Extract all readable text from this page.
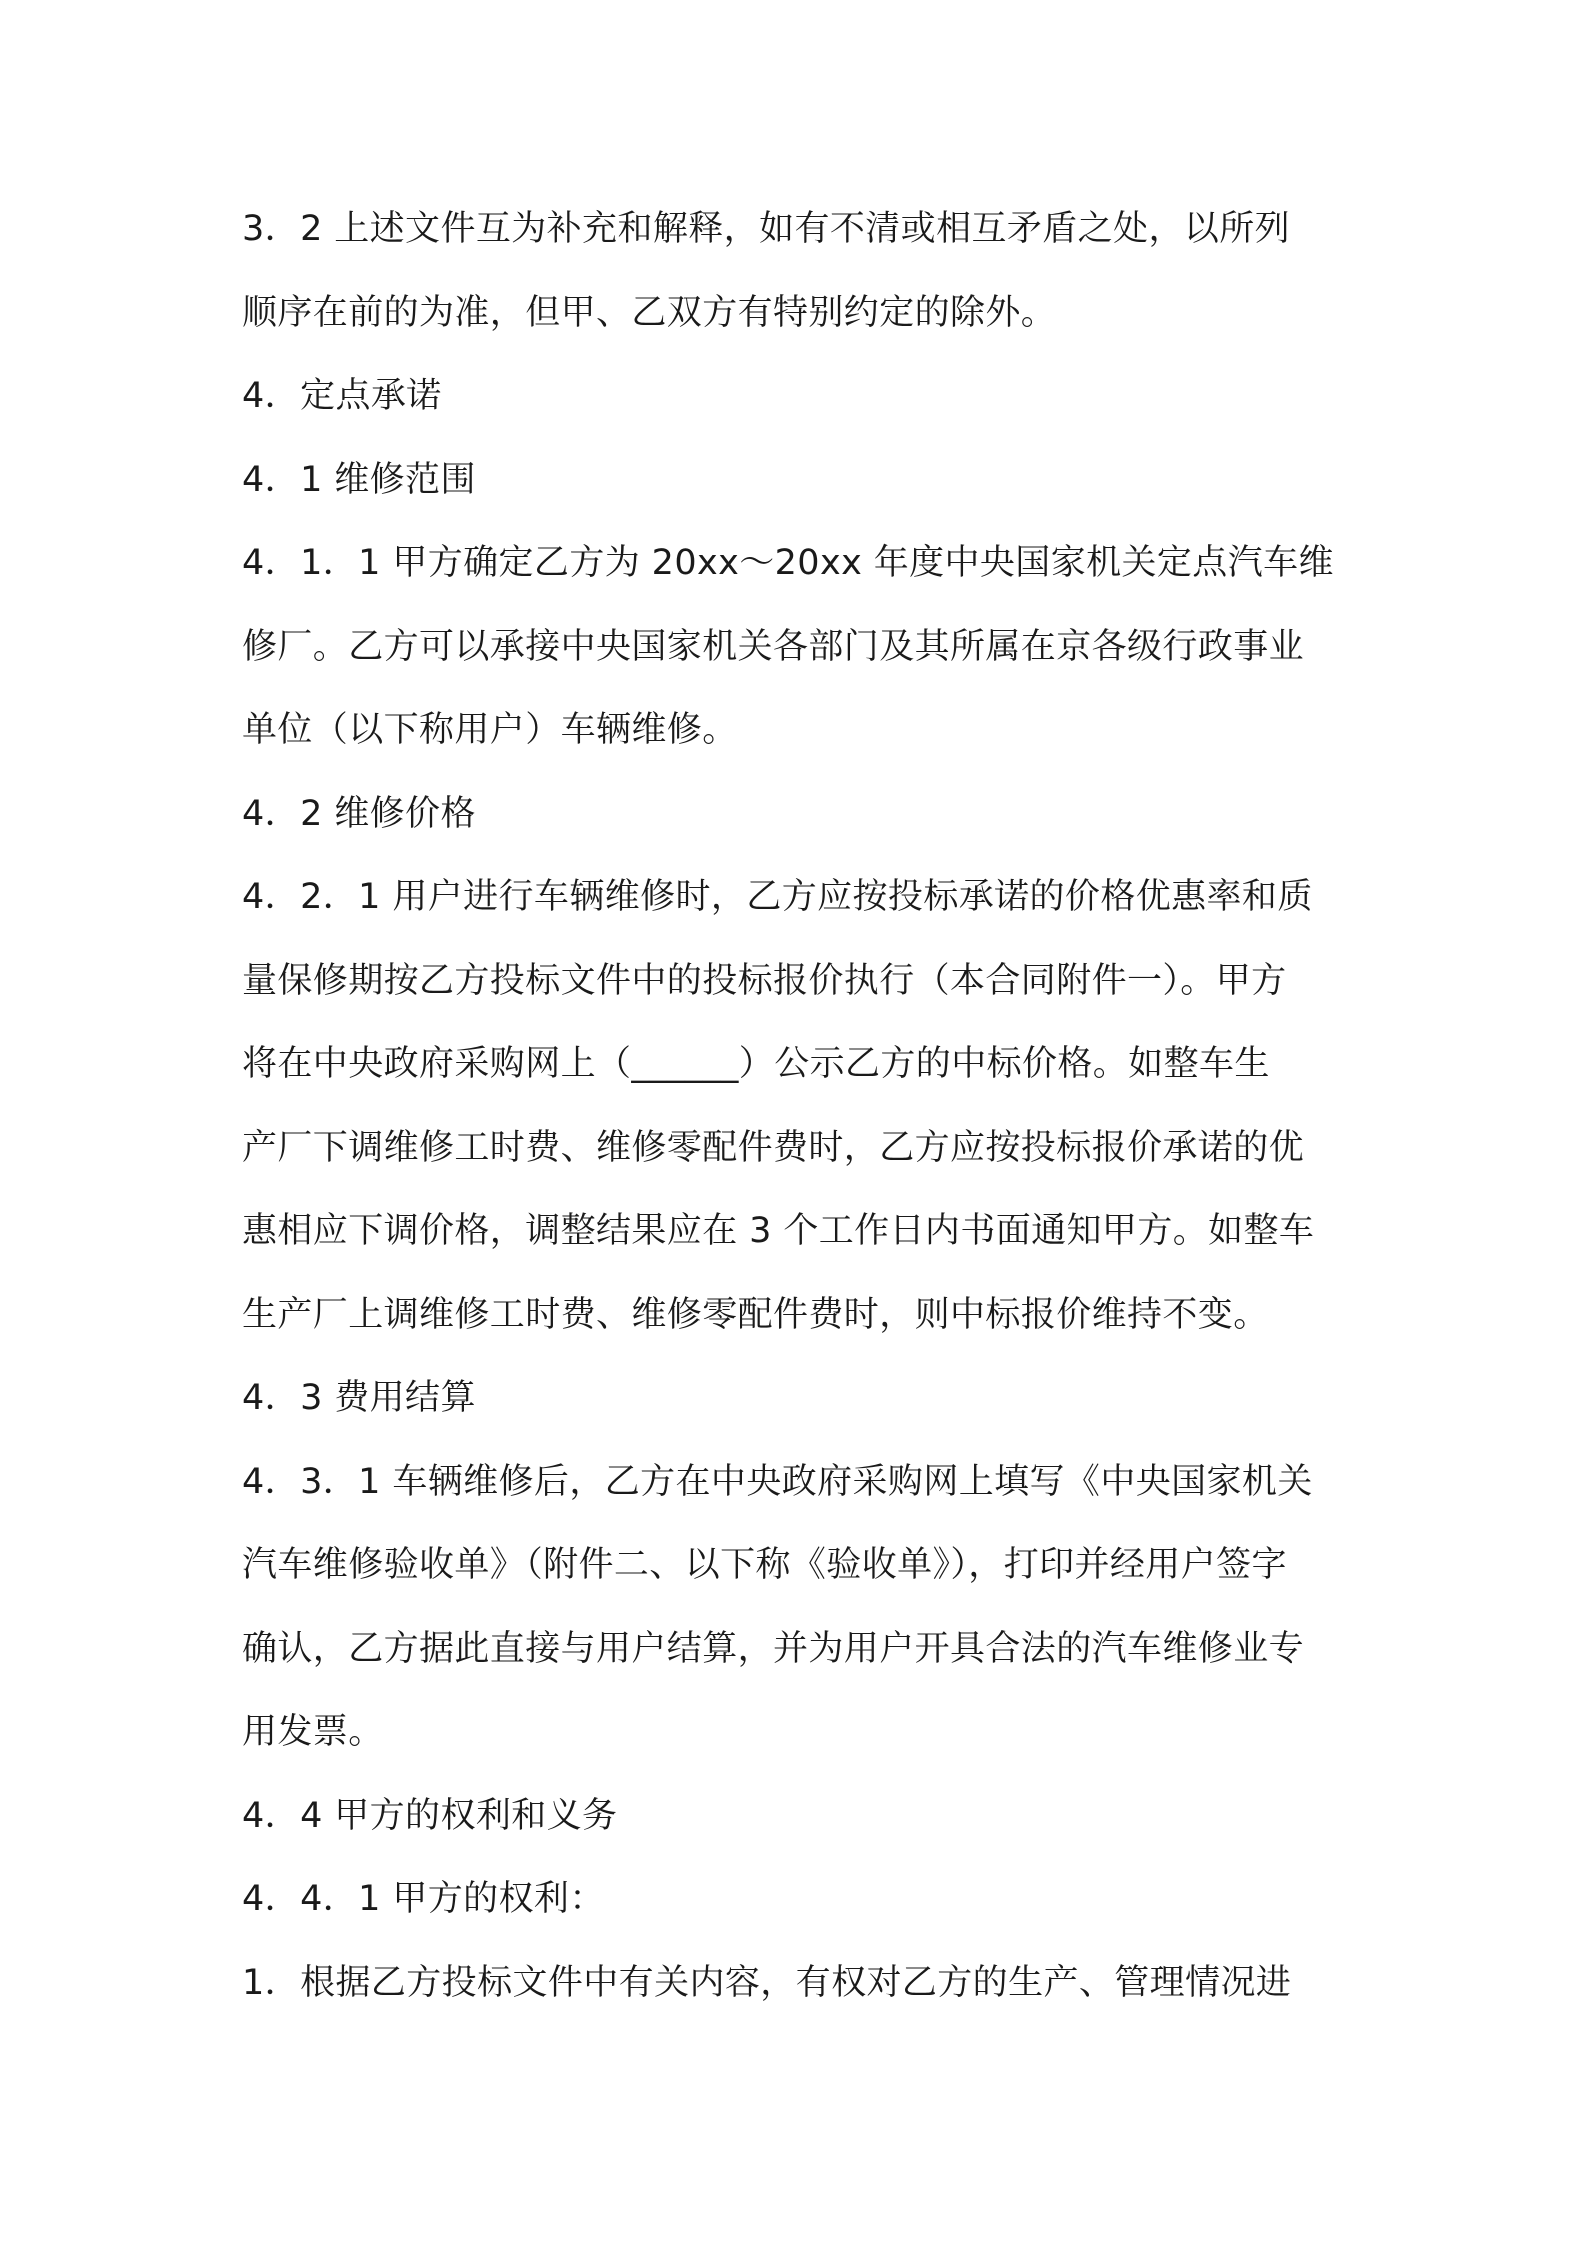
3．2 上述文件互为补充和解释，如有不清或相互矛盾之处，以所列
顺序在前的为准，但甲、乙双方有特别约定的除外。
4．定点承诺
4．1 维修范围
4．1．1 甲方确定乙方为 20xx～20xx 年度中央国家机关定点汽车维
修厂。乙方可以承接中央国家机关各部门及其所属在京各级行政事业
单位（以下称用户）车辆维修。
4．2 维修价格
4．2．1 用户进行车辆维修时，乙方应按投标承诺的价格优惠率和质
量保修期按乙方投标文件中的投标报价执行（本合同附件一）。甲方
将在中央政府采购网上（______）公示乙方的中标价格。如整车生
产厂下调维修工时费、维修零配件费时，乙方应按投标报价承诺的优
惠相应下调价格，调整结果应在 3 个工作日内书面通知甲方。如整车
生产厂上调维修工时费、维修零配件费时，则中标报价维持不变。
4．3 费用结算
4．3．1 车辆维修后，乙方在中央政府采购网上填写《中央国家机关
汽车维修验收单》（附件二、以下称《验收单》），打印并经用户签字
确认，乙方据此直接与用户结算，并为用户开具合法的汽车维修业专
用发票。
4．4 甲方的权利和义务
4．4．1 甲方的权利：
1．根据乙方投标文件中有关内容，有权对乙方的生产、管理情况进
